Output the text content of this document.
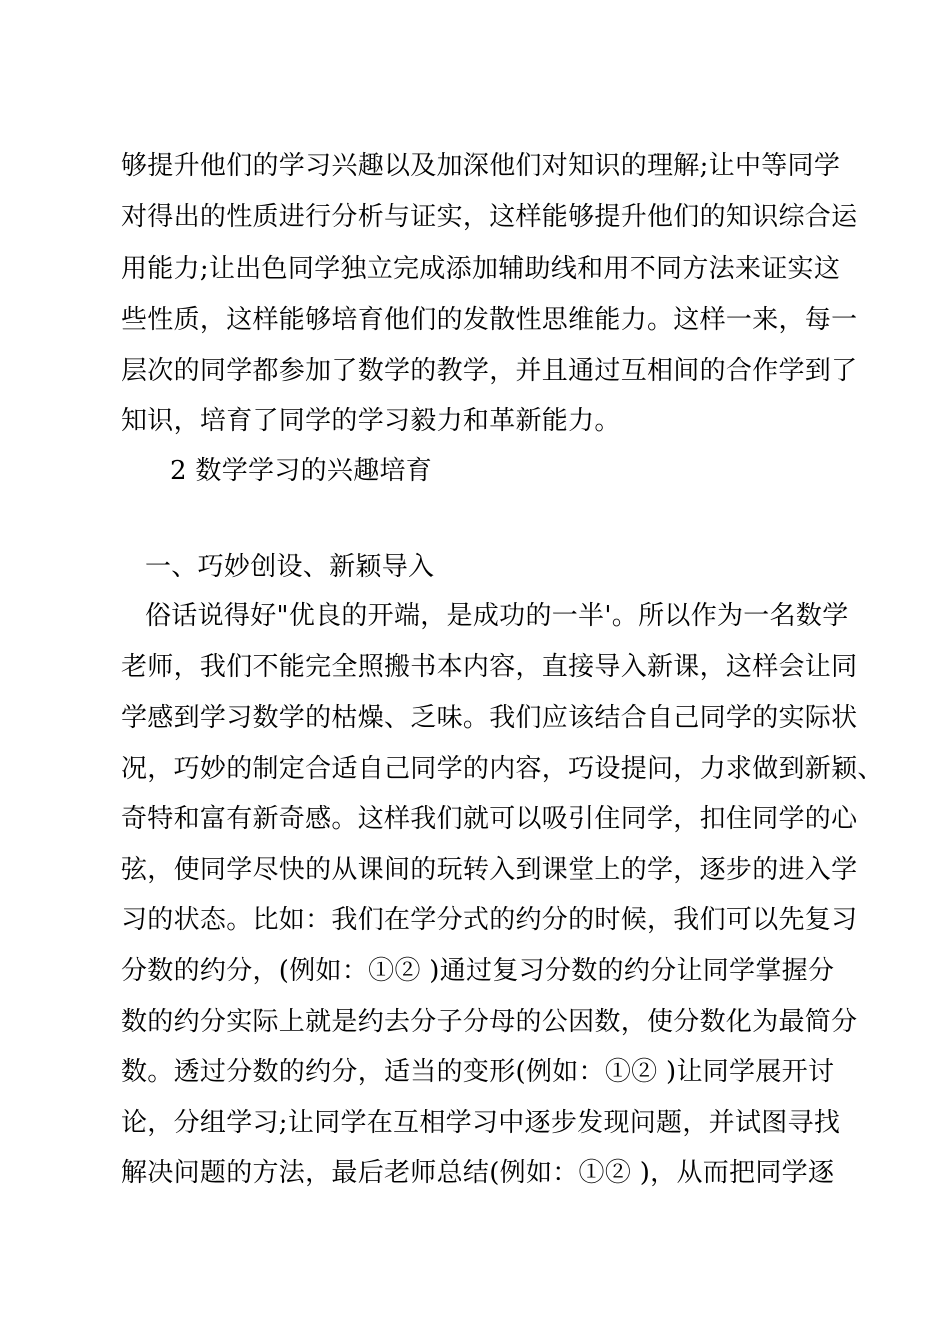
够提升他们的学习兴趣以及加深他们对知识的理解;让中等同学
对得出的性质进行分析与证实，这样能够提升他们的知识综合运
用能力;让出色同学独立完成添加辅助线和用不同方法来证实这
些性质，这样能够培育他们的发散性思维能力。这样一来，每一
层次的同学都参加了数学的教学，并且通过互相间的合作学到了
知识，培育了同学的学习毅力和革新能力。
2 数学学习的兴趣培育
一、巧妙创设、新颖导入
俗话说得好"优良的开端，是成功的一半'。所以作为一名数学
老师，我们不能完全照搬书本内容，直接导入新课，这样会让同
学感到学习数学的枯燥、乏味。我们应该结合自己同学的实际状
况，巧妙的制定合适自己同学的内容，巧设提问，力求做到新颖、
奇特和富有新奇感。这样我们就可以吸引住同学，扣住同学的心
弦，使同学尽快的从课间的玩转入到课堂上的学，逐步的进入学
习的状态。比如：我们在学分式的约分的时候，我们可以先复习
分数的约分，(例如：①② )通过复习分数的约分让同学掌握分
数的约分实际上就是约去分子分母的公因数，使分数化为最简分
数。透过分数的约分，适当的变形(例如：①② )让同学展开讨
论，分组学习;让同学在互相学习中逐步发现问题，并试图寻找
解决问题的方法，最后老师总结(例如：①② )，从而把同学逐
